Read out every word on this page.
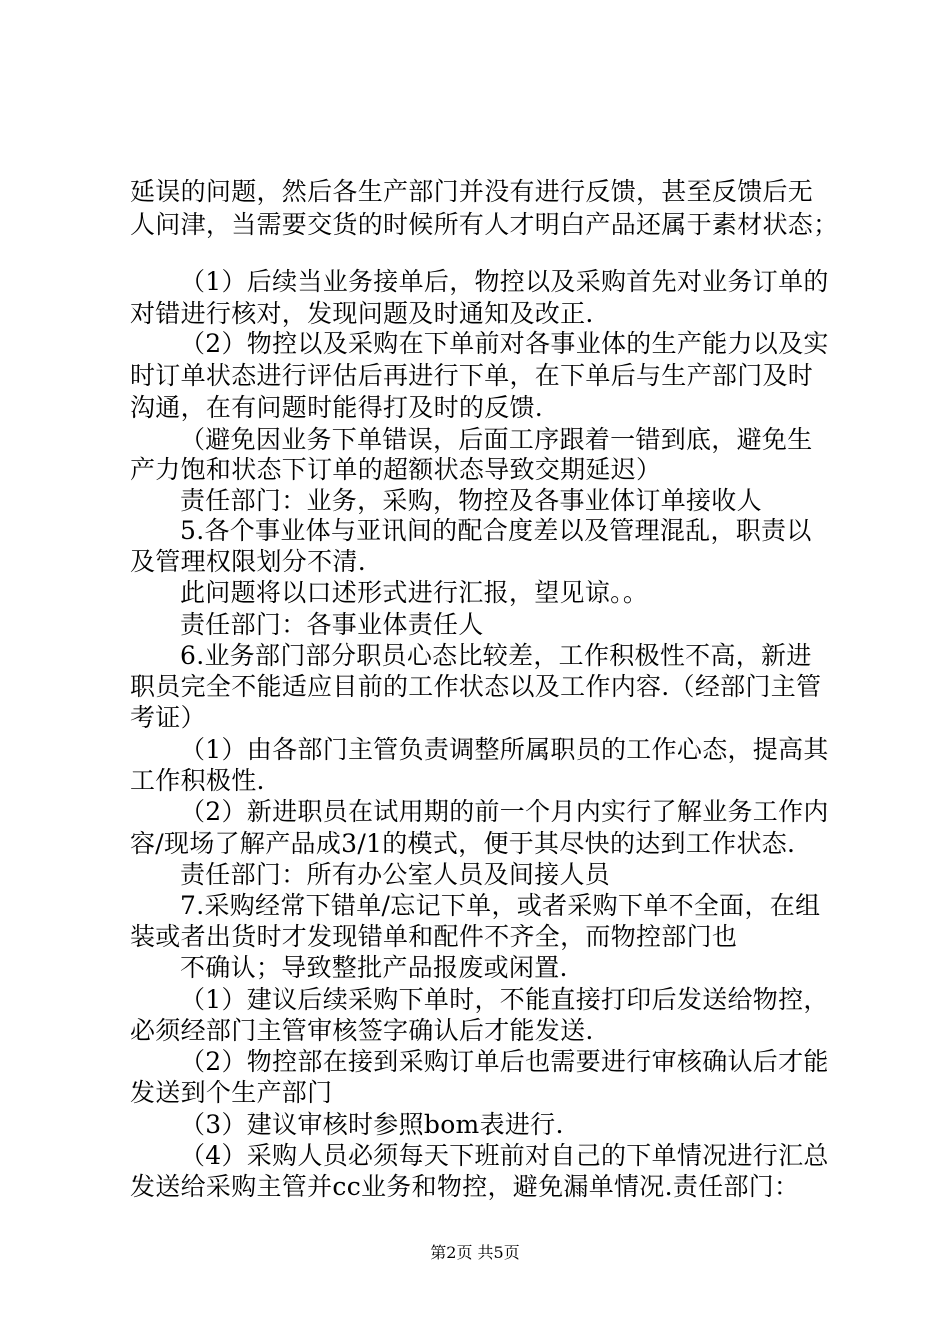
延误的问题，然后各生产部门并没有进行反馈，甚至反馈后无
人问津，当需要交货的时候所有人才明白产品还属于素材状态；
（1）后续当业务接单后，物控以及采购首先对业务订单的
对错进行核对，发现问题及时通知及改正.
（2）物控以及采购在下单前对各事业体的生产能力以及实
时订单状态进行评估后再进行下单，在下单后与生产部门及时
沟通，在有问题时能得打及时的反馈.
（避免因业务下单错误，后面工序跟着一错到底，避免生
产力饱和状态下订单的超额状态导致交期延迟）
责任部门：业务，采购，物控及各事业体订单接收人
5.各个事业体与亚讯间的配合度差以及管理混乱，职责以
及管理权限划分不清.
此问题将以口述形式进行汇报，望见谅。。
责任部门：各事业体责任人
6.业务部门部分职员心态比较差，工作积极性不高，新进
职员完全不能适应目前的工作状态以及工作内容.（经部门主管
考证）
（1）由各部门主管负责调整所属职员的工作心态，提高其
工作积极性.
（2）新进职员在试用期的前一个月内实行了解业务工作内
容/现场了解产品成3/1的模式，便于其尽快的达到工作状态.
责任部门：所有办公室人员及间接人员
7.采购经常下错单/忘记下单，或者采购下单不全面，在组
装或者出货时才发现错单和配件不齐全，而物控部门也
不确认；导致整批产品报废或闲置.
（1）建议后续采购下单时，不能直接打印后发送给物控，
必须经部门主管审核签字确认后才能发送.
（2）物控部在接到采购订单后也需要进行审核确认后才能
发送到个生产部门
（3）建议审核时参照bom表进行.
（4）采购人员必须每天下班前对自己的下单情况进行汇总
发送给采购主管并cc业务和物控，避免漏单情况.责任部门：
第2页 共5页
